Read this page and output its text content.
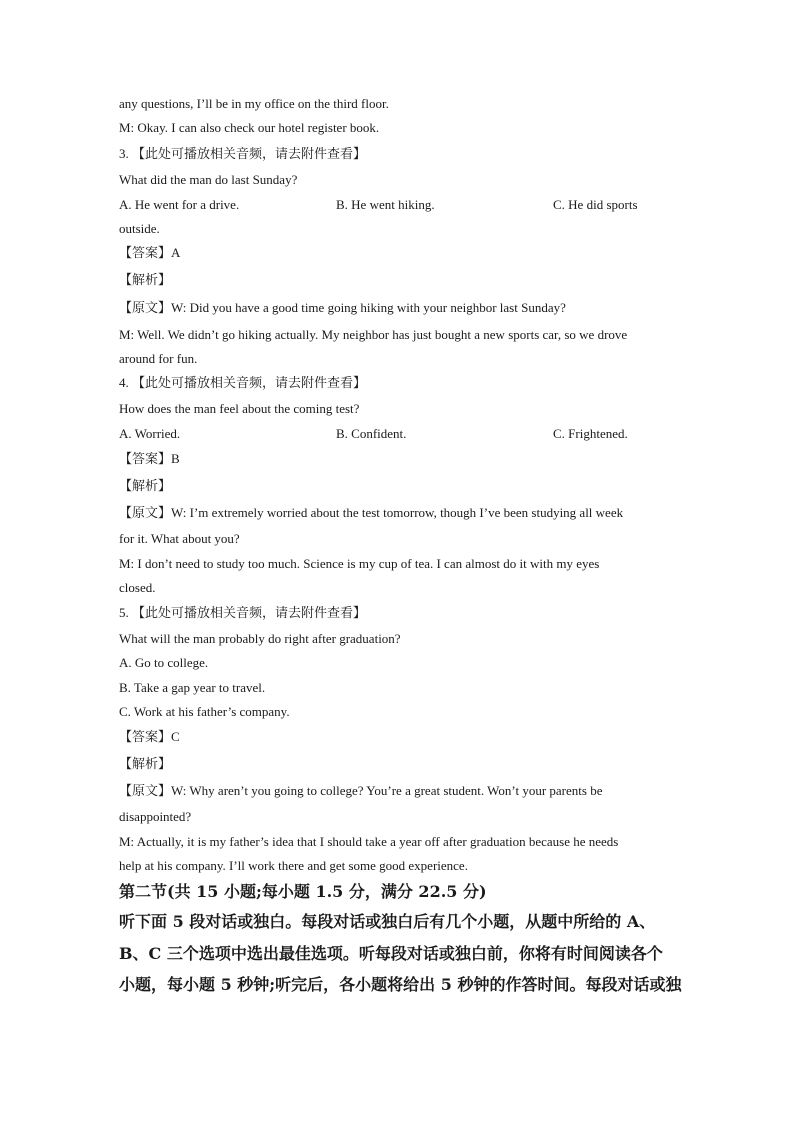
any questions, I’ll be in my office on the third floor.
M: Okay. I can also check our hotel register book.
3. 【此处可播放相关音频，请去附件查看】
What did the man do last Sunday?
A. He went for a drive.	B. He went hiking.	C. He did sports
outside.
【答案】A
【解析】
【原文】W: Did you have a good time going hiking with your neighbor last Sunday?
M: Well. We didn’t go hiking actually. My neighbor has just bought a new sports car, so we drove
around for fun.
4. 【此处可播放相关音频，请去附件查看】
How does the man feel about the coming test?
A. Worried.	B. Confident.	C. Frightened.
【答案】B
【解析】
【原文】W: I’m extremely worried about the test tomorrow, though I’ve been studying all week
for it. What about you?
M: I don’t need to study too much. Science is my cup of tea. I can almost do it with my eyes
closed.
5. 【此处可播放相关音频，请去附件查看】
What will the man probably do right after graduation?
A. Go to college.
B. Take a gap year to travel.
C. Work at his father’s company.
【答案】C
【解析】
【原文】W: Why aren’t you going to college? You’re a great student. Won’t your parents be
disappointed?
M: Actually, it is my father’s idea that I should take a year off after graduation because he needs
help at his company. I’ll work there and get some good experience.
第二节(共 15 小题;每小题 1.5 分，满分 22.5 分)
听下面 5 段对话或独白。每段对话或独白后有几个小题，从题中所给的 A、
B、C 三个选项中选出最佳选项。听每段对话或独白前，你将有时间阅读各个
小题，每小题 5 秒钟;听完后，各小题将给出 5 秒钟的作答时间。每段对话或独
